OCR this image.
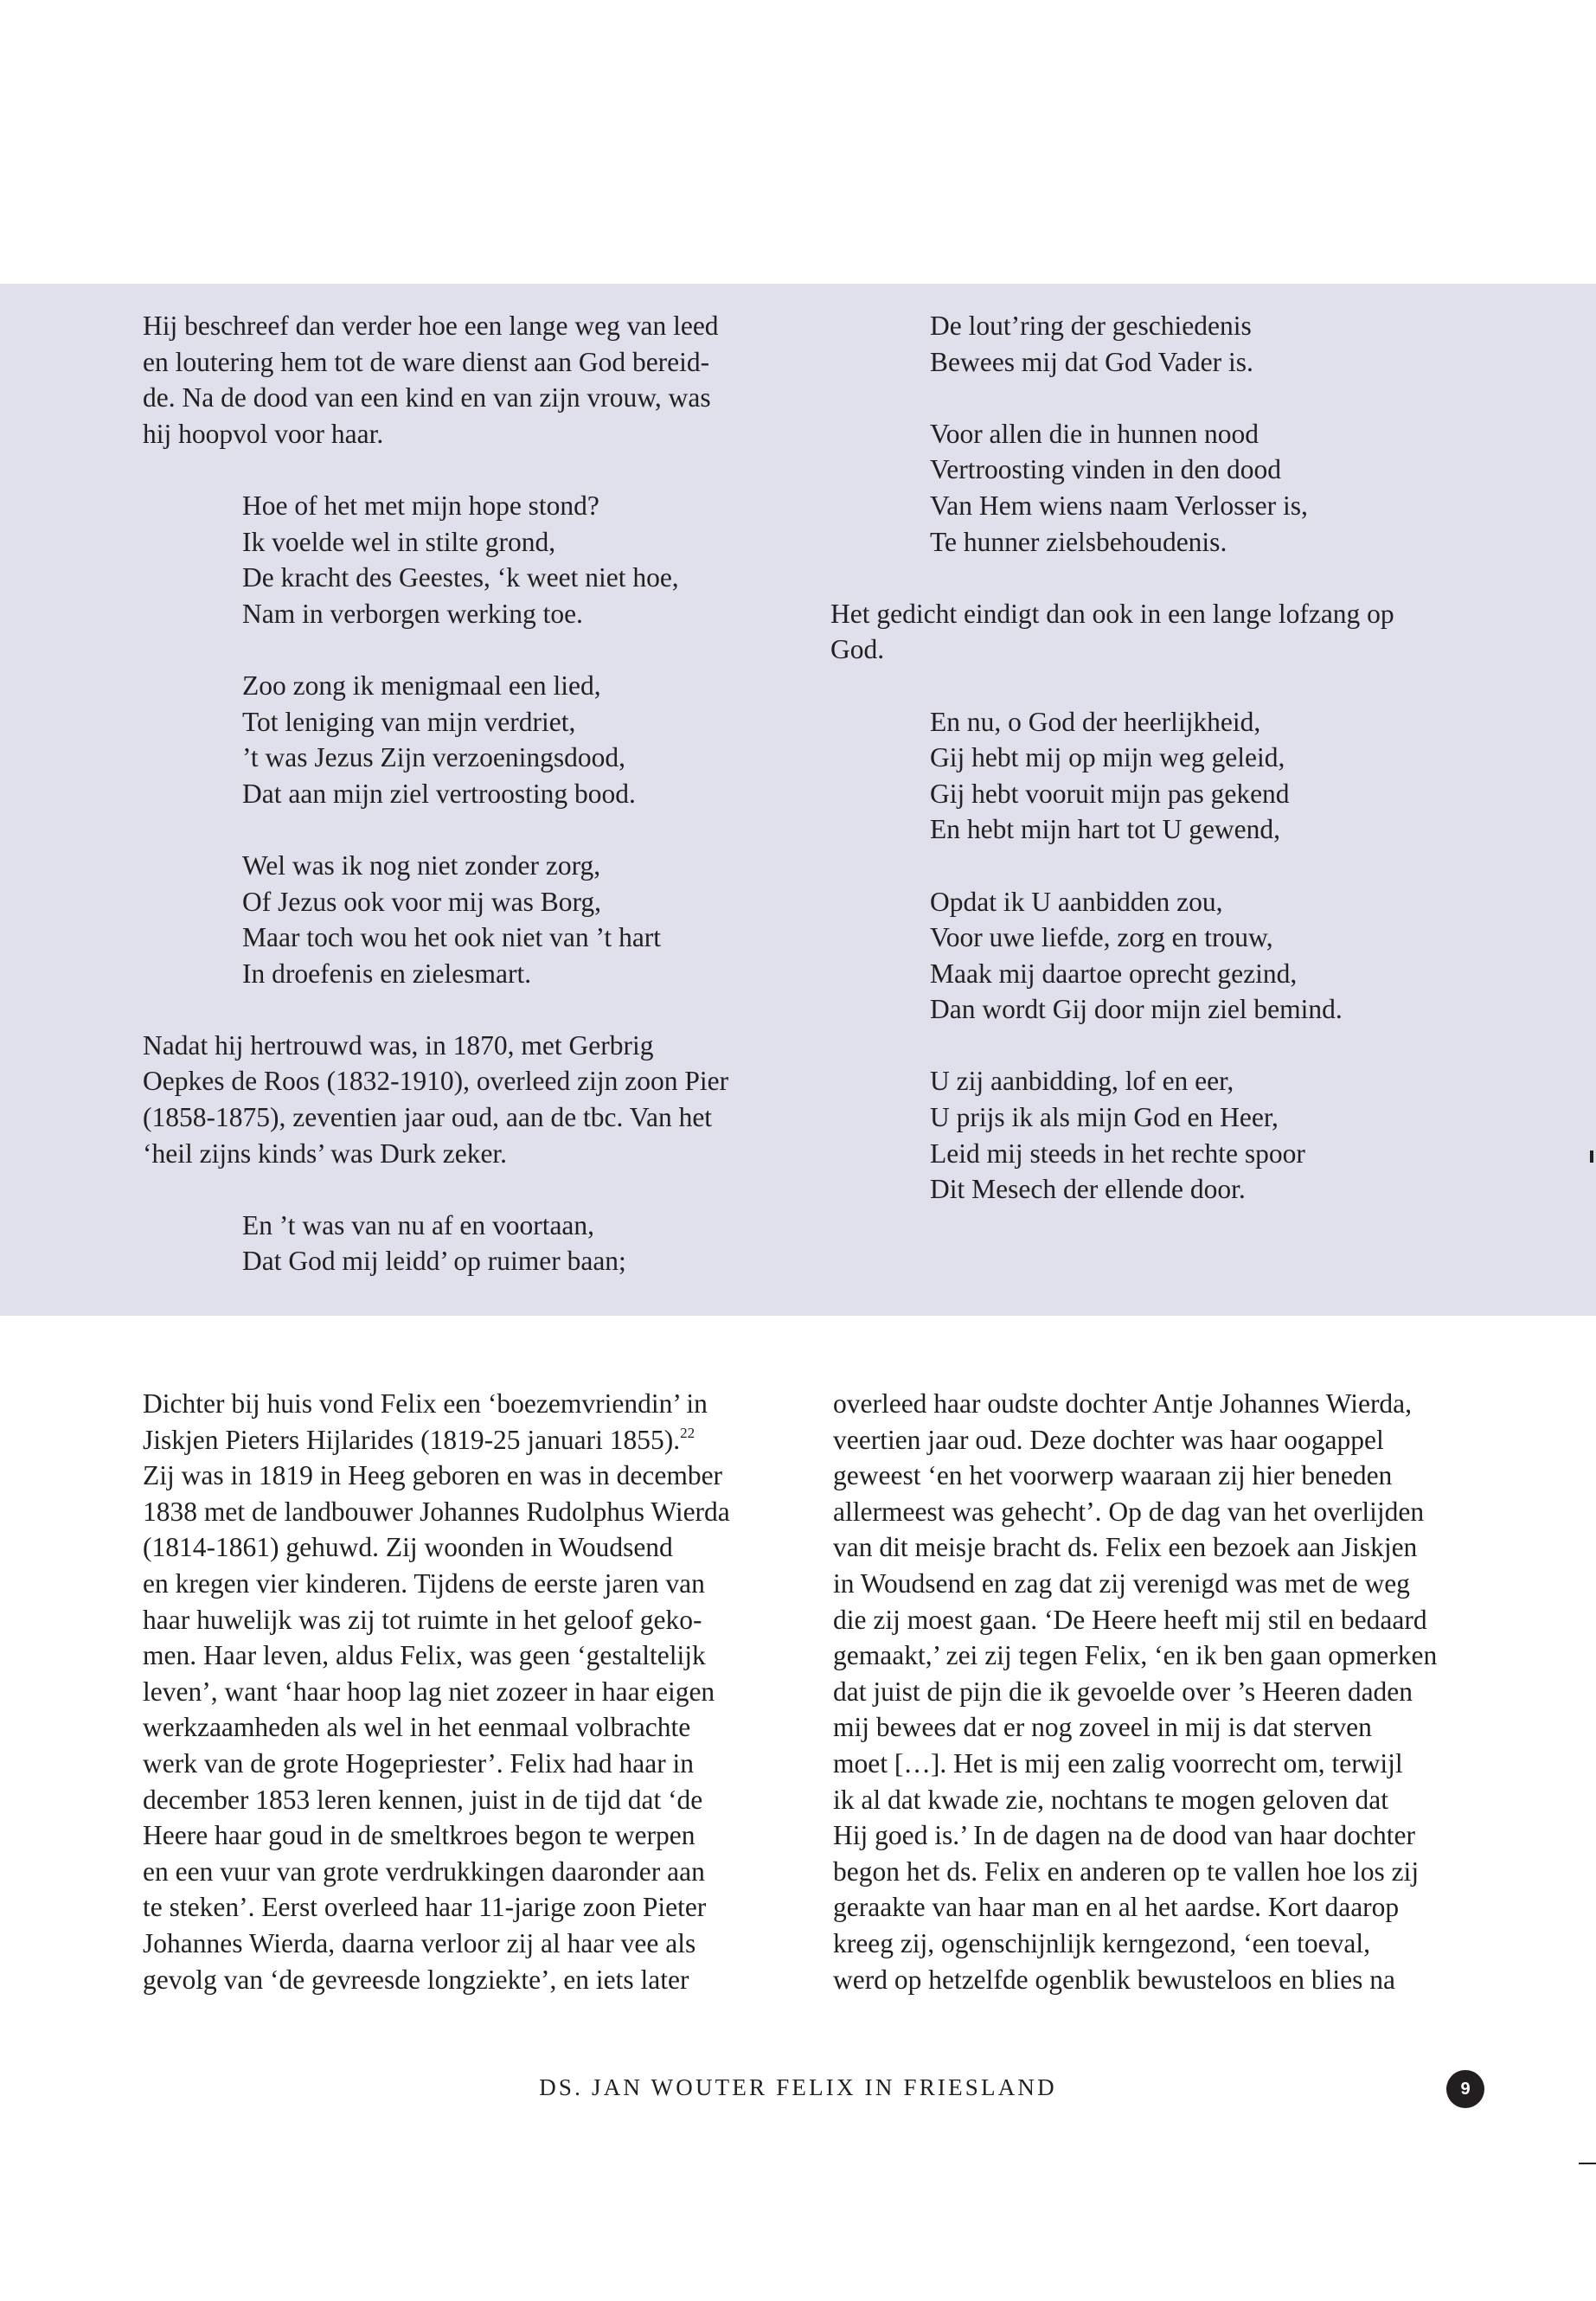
Hij beschreef dan verder hoe een lange weg van leed
en loutering hem tot de ware dienst aan God bereid-
de. Na de dood van een kind en van zijn vrouw, was
hij hoopvol voor haar.

Hoe of het met mijn hope stond?
Ik voelde wel in stilte grond,
De kracht des Geestes, ‘k weet niet hoe,
Nam in verborgen werking toe.
Zoo zong ik menigmaal een lied,
Tot leniging van mijn verdriet,
’t was Jezus Zijn verzoeningsdood,
Dat aan mijn ziel vertroosting bood.
Wel was ik nog niet zonder zorg,
Of Jezus ook voor mij was Borg,
Maar toch wou het ook niet van ’t hart
In droefenis en zielesmart.

Nadat hij hertrouwd was, in 1870, met Gerbrig
Oepkes de Roos (1832-1910), overleed zijn zoon Pier
(1858-1875), zeventien jaar oud, aan de tbc. Van het
‘heil zijns kinds’ was Durk zeker.

En ’t was van nu af en voortaan,
Dat God mij leidd’ op ruimer baan;
De lout’ring der geschiedenis
Bewees mij dat God Vader is.
Voor allen die in hunnen nood
Vertroosting vinden in den dood
Van Hem wiens naam Verlosser is,
Te hunner zielsbehoudenis.

Het gedicht eindigt dan ook in een lange lofzang op
God.

En nu, o God der heerlijkheid,
Gij hebt mij op mijn weg geleid,
Gij hebt vooruit mijn pas gekend
En hebt mijn hart tot U gewend,
Opdat ik U aanbidden zou,
Voor uwe liefde, zorg en trouw,
Maak mij daartoe oprecht gezind,
Dan wordt Gij door mijn ziel bemind.
U zij aanbidding, lof en eer,
U prijs ik als mijn God en Heer,
Leid mij steeds in het rechte spoor
Dit Mesech der ellende door.
Dichter bij huis vond Felix een ‘boezemvriendin’ in
Jiskjen Pieters Hijlarides (1819-25 januari 1855).$^{22}$
Zij was in 1819 in Heeg geboren en was in december
1838 met de landbouwer Johannes Rudolphus Wierda
(1814-1861) gehuwd. Zij woonden in Woudsend
en kregen vier kinderen. Tijdens de eerste jaren van
haar huwelijk was zij tot ruimte in het geloof geko-
men. Haar leven, aldus Felix, was geen ‘gestaltelijk
leven’, want ‘haar hoop lag niet zozeer in haar eigen
werkzaamheden als wel in het eenmaal volbrachte
werk van de grote Hogepriester’. Felix had haar in
december 1853 leren kennen, juist in de tijd dat ‘de
Heere haar goud in de smeltkroes begon te werpen
en een vuur van grote verdrukkingen daaronder aan
te steken’. Eerst overleed haar 11-jarige zoon Pieter
Johannes Wierda, daarna verloor zij al haar vee als
gevolg van ‘de gevreesde longziekte’, en iets later
overleed haar oudste dochter Antje Johannes Wierda,
veertien jaar oud. Deze dochter was haar oogappel
geweest ‘en het voorwerp waaraan zij hier beneden
allermeest was gehecht’. Op de dag van het overlijden
van dit meisje bracht ds. Felix een bezoek aan Jiskjen
in Woudsend en zag dat zij verenigd was met de weg
die zij moest gaan. ‘De Heere heeft mij stil en bedaard
gemaakt,’ zei zij tegen Felix, ‘en ik ben gaan opmerken
dat juist de pijn die ik gevoelde over ’s Heeren daden
mij bewees dat er nog zoveel in mij is dat sterven
moet […]. Het is mij een zalig voorrecht om, terwijl
ik al dat kwade zie, nochtans te mogen geloven dat
Hij goed is.’ In de dagen na de dood van haar dochter
begon het ds. Felix en anderen op te vallen hoe los zij
geraakte van haar man en al het aardse. Kort daarop
kreeg zij, ogenschijnlijk kerngezond, ‘een toeval,
werd op hetzelfde ogenblik bewusteloos en blies na
DS. JAN WOUTER FELIX IN FRIESLAND	9
